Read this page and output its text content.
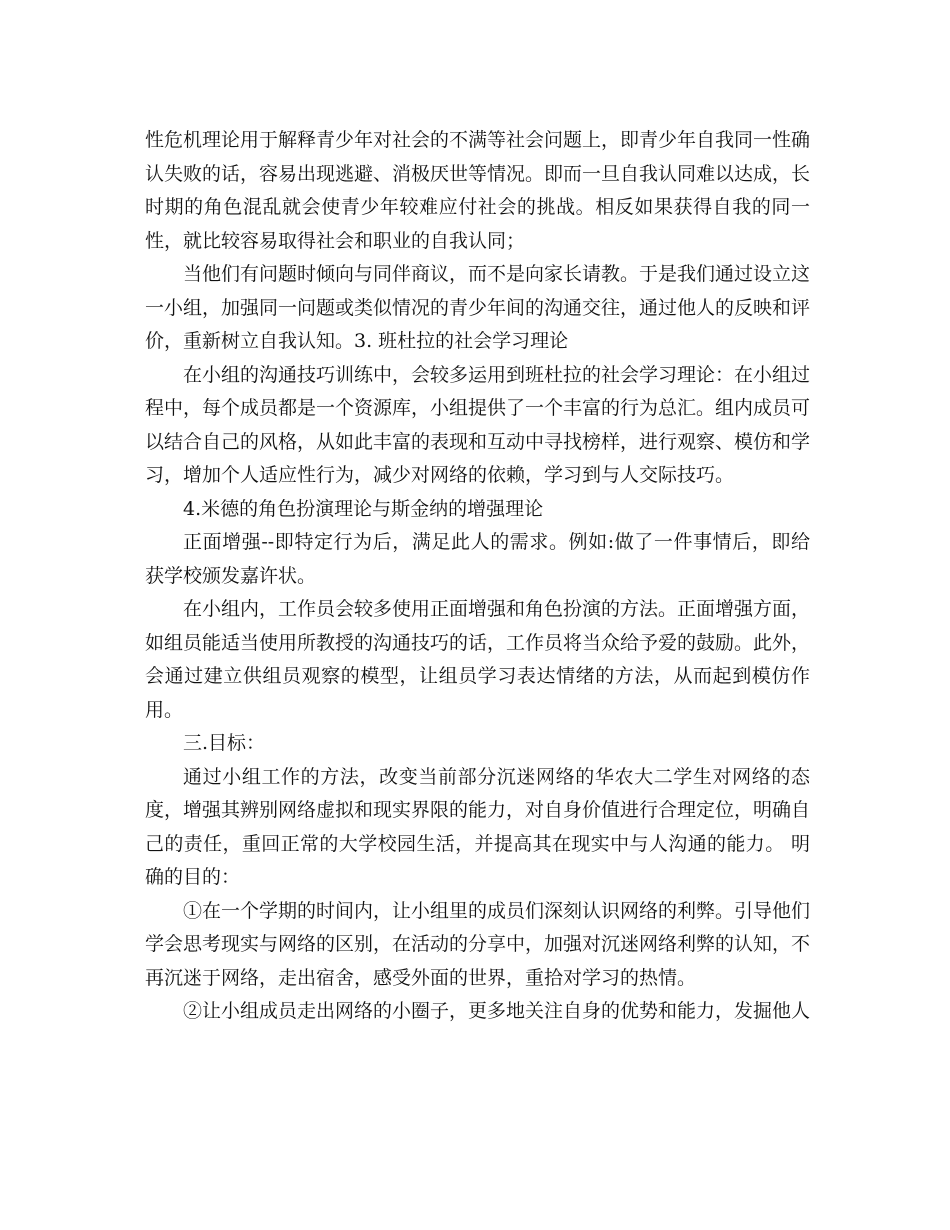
性危机理论用于解释青少年对社会的不满等社会问题上，即青少年自我同一性确认失败的话，容易出现逃避、消极厌世等情况。即而一旦自我认同难以达成，长时期的角色混乱就会使青少年较难应付社会的挑战。相反如果获得自我的同一性，就比较容易取得社会和职业的自我认同；

当他们有问题时倾向与同伴商议，而不是向家长请教。于是我们通过设立这一小组，加强同一问题或类似情况的青少年间的沟通交往，通过他人的反映和评价，重新树立自我认知。3. 班杜拉的社会学习理论

在小组的沟通技巧训练中，会较多运用到班杜拉的社会学习理论：在小组过程中，每个成员都是一个资源库，小组提供了一个丰富的行为总汇。组内成员可以结合自己的风格，从如此丰富的表现和互动中寻找榜样，进行观察、模仿和学习，增加个人适应性行为，减少对网络的依赖，学习到与人交际技巧。

4.米德的角色扮演理论与斯金纳的增强理论

正面增强--即特定行为后，满足此人的需求。例如:做了一件事情后，即给获学校颁发嘉许状。

在小组内，工作员会较多使用正面增强和角色扮演的方法。正面增强方面，如组员能适当使用所教授的沟通技巧的话，工作员将当众给予爱的鼓励。此外，会通过建立供组员观察的模型，让组员学习表达情绪的方法，从而起到模仿作用。

三.目标：

通过小组工作的方法，改变当前部分沉迷网络的华农大二学生对网络的态度，增强其辨别网络虚拟和现实界限的能力，对自身价值进行合理定位，明确自己的责任，重回正常的大学校园生活，并提高其在现实中与人沟通的能力。 明确的目的：

①在一个学期的时间内，让小组里的成员们深刻认识网络的利弊。引导他们学会思考现实与网络的区别，在活动的分享中，加强对沉迷网络利弊的认知，不再沉迷于网络，走出宿舍，感受外面的世界，重拾对学习的热情。

②让小组成员走出网络的小圈子，更多地关注自身的优势和能力，发掘他人
